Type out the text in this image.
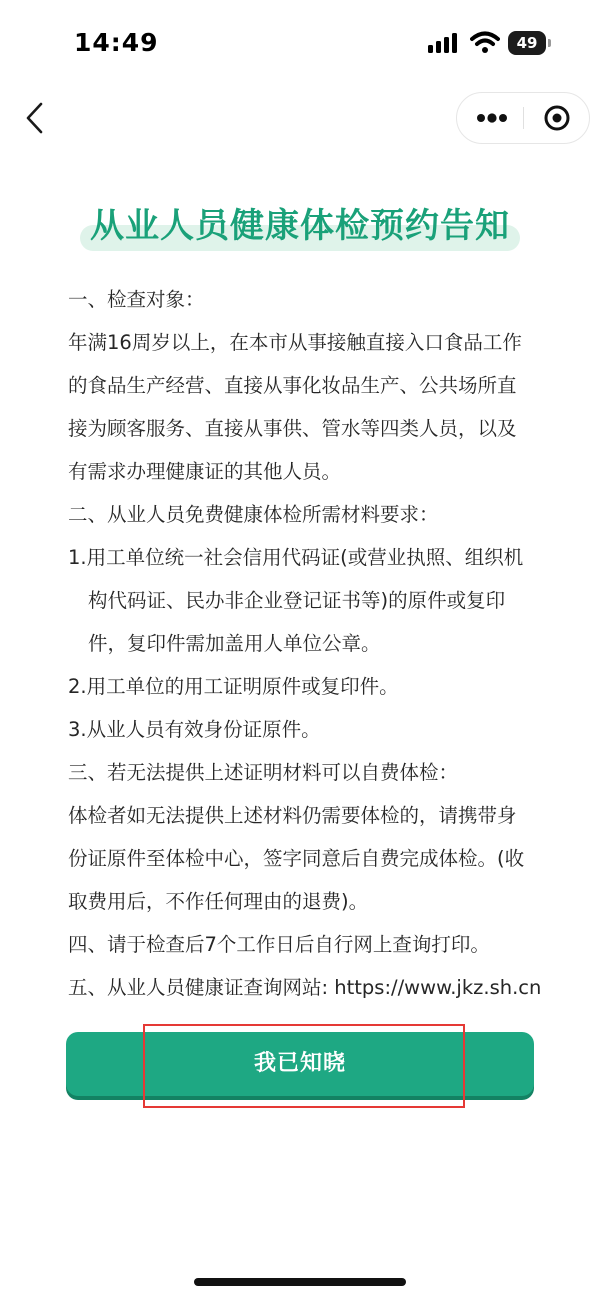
14:49	49
从业人员健康体检预约告知
一、检查对象：
年满16周岁以上，在本市从事接触直接入口食品工作
的食品生产经营、直接从事化妆品生产、公共场所直
接为顾客服务、直接从事供、管水等四类人员，以及
有需求办理健康证的其他人员。
二、从业人员免费健康体检所需材料要求：
1.用工单位统一社会信用代码证(或营业执照、组织机
构代码证、民办非企业登记证书等)的原件或复印
件，复印件需加盖用人单位公章。
2.用工单位的用工证明原件或复印件。
3.从业人员有效身份证原件。
三、若无法提供上述证明材料可以自费体检：
体检者如无法提供上述材料仍需要体检的，请携带身
份证原件至体检中心，签字同意后自费完成体检。(收
取费用后，不作任何理由的退费)。
四、请于检查后7个工作日后自行网上查询打印。
五、从业人员健康证查询网站: https://www.jkz.sh.cn
我已知晓
